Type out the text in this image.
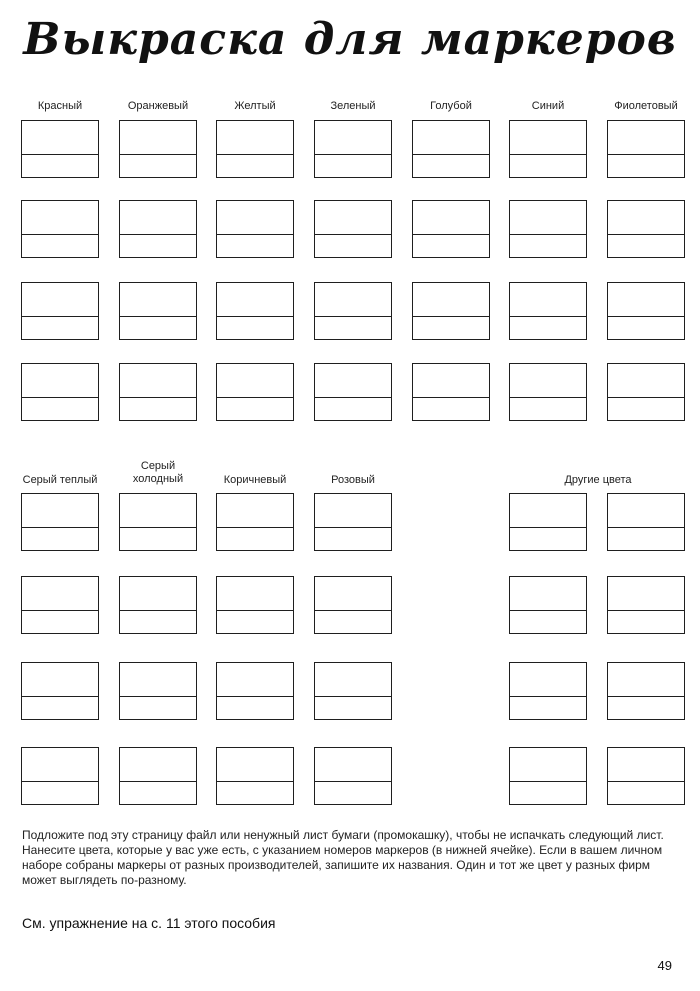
Выкраска для маркеров
Красный	Оранжевый	Желтый	Зеленый	Голубой	Синий	Фиолетовый
Серый теплый
Серый холодный	Коричневый	Розовый	Другие цвета
Подложите под эту страницу файл или ненужный лист бумаги (промокашку), чтобы не испачкать следующий лист. Нанесите цвета, которые у вас уже есть, с указанием номеров маркеров (в нижней ячейке). Если в вашем личном наборе собраны маркеры от разных производителей, запишите их названия. Один и тот же цвет у разных фирм может выглядеть по-разному.
См. упражнение на с. 11 этого пособия
49
